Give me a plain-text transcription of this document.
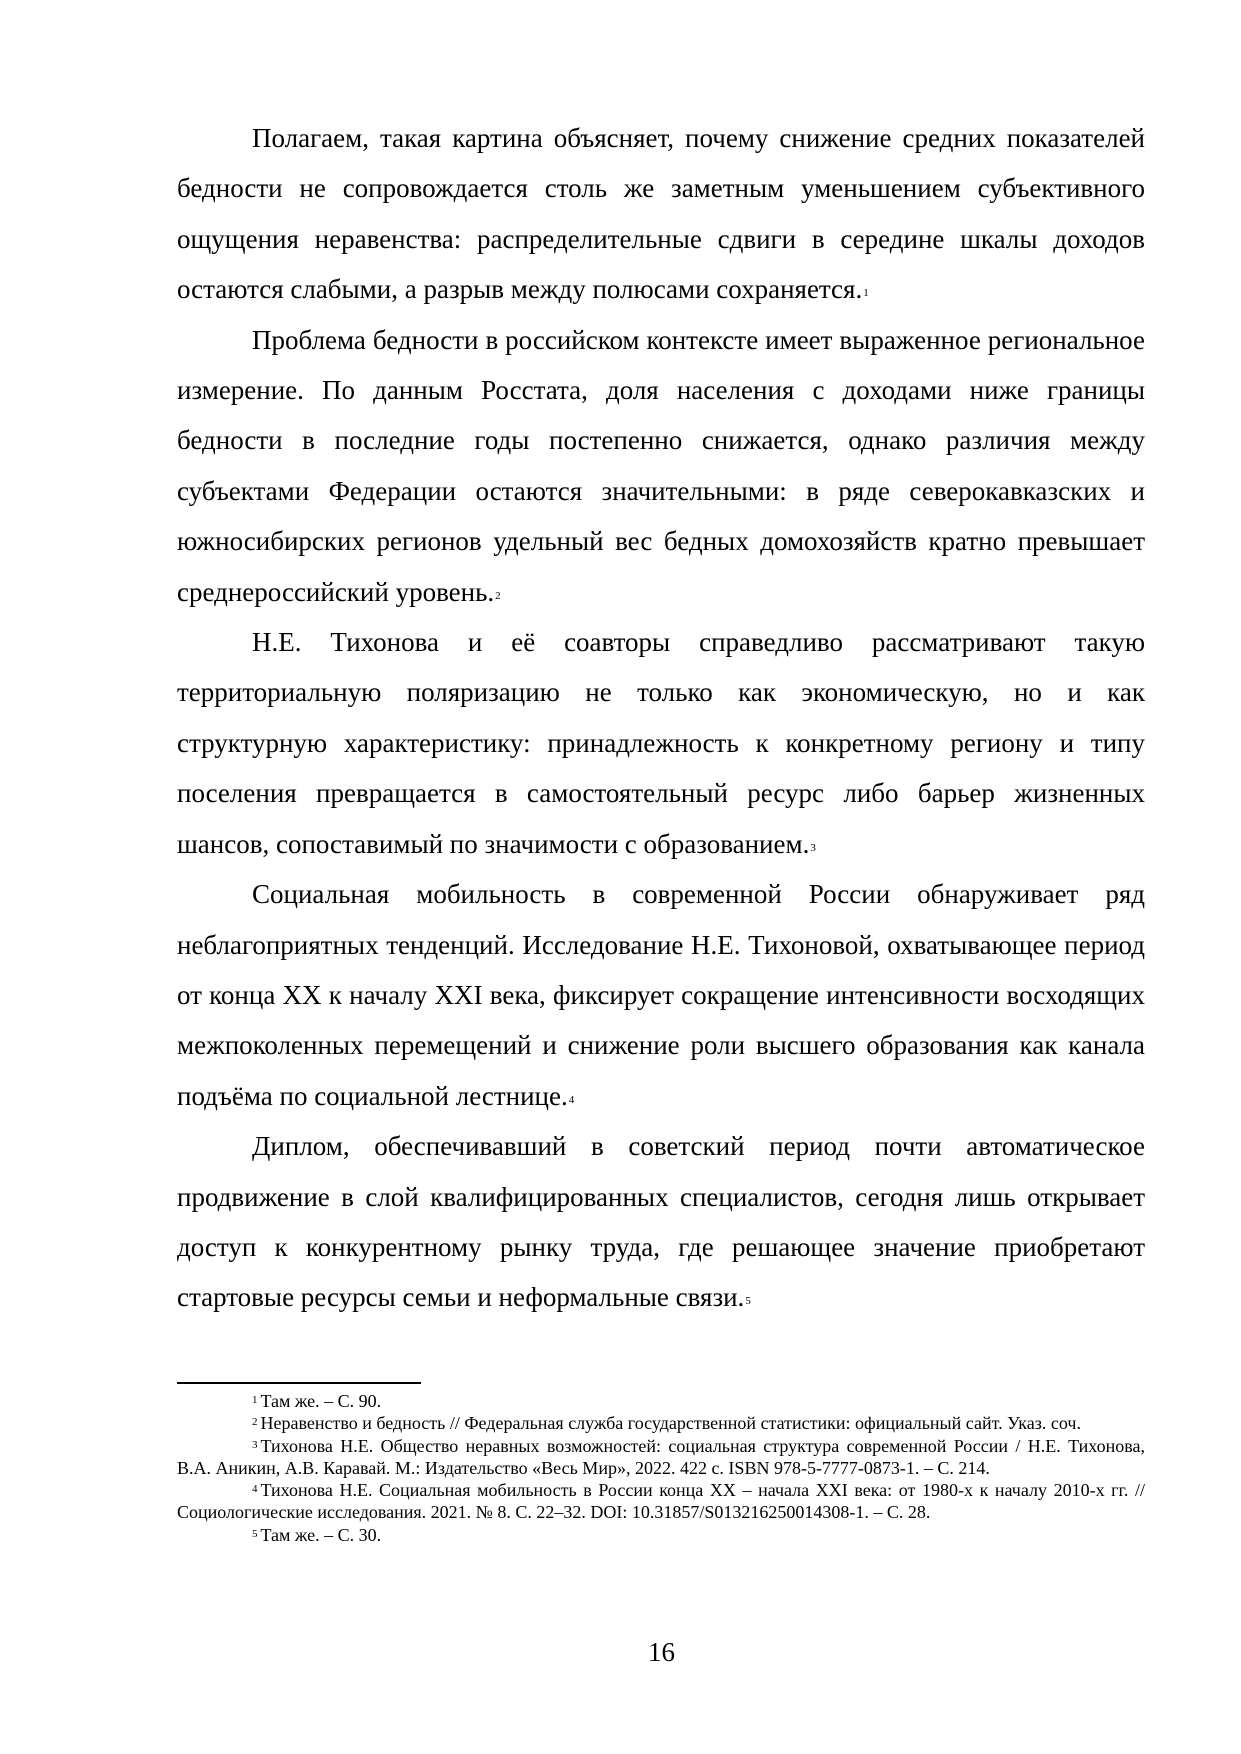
Полагаем, такая картина объясняет, почему снижение средних показателей бедности не сопровождается столь же заметным уменьшением субъективного ощущения неравенства: распределительные сдвиги в середине шкалы доходов остаются слабыми, а разрыв между полюсами сохраняется.$^1$

Проблема бедности в российском контексте имеет выраженное региональное измерение. По данным Росстата, доля населения с доходами ниже границы бедности в последние годы постепенно снижается, однако различия между субъектами Федерации остаются значительными: в ряде северокавказских и южносибирских регионов удельный вес бедных домохозяйств кратно превышает среднероссийский уровень.$^2$

Н.Е. Тихонова и её соавторы справедливо рассматривают такую территориальную поляризацию не только как экономическую, но и как структурную характеристику: принадлежность к конкретному региону и типу поселения превращается в самостоятельный ресурс либо барьер жизненных шансов, сопоставимый по значимости с образованием.$^3$

Социальная мобильность в современной России обнаруживает ряд неблагоприятных тенденций. Исследование Н.Е. Тихоновой, охватывающее период от конца XX к началу XXI века, фиксирует сокращение интенсивности восходящих межпоколенных перемещений и снижение роли высшего образования как канала подъёма по социальной лестнице.$^4$

Диплом, обеспечивавший в советский период почти автоматическое продвижение в слой квалифицированных специалистов, сегодня лишь открывает доступ к конкурентному рынку труда, где решающее значение приобретают стартовые ресурсы семьи и неформальные связи.$^5$

$^1$ Там же. – С. 90.

$^2$ Неравенство и бедность // Федеральная служба государственной статистики: официальный сайт. Указ. соч.

$^3$ Тихонова Н.Е. Общество неравных возможностей: социальная структура современной России / Н.Е. Тихонова, В.А. Аникин, А.В. Каравай. М.: Издательство «Весь Мир», 2022. 422 с. ISBN 978-5-7777-0873-1. – С. 214.

$^4$ Тихонова Н.Е. Социальная мобильность в России конца XX – начала XXI века: от 1980-х к началу 2010-х гг. // Социологические исследования. 2021. № 8. С. 22–32. DOI: 10.31857/S013216250014308-1. – С. 28.

$^5$ Там же. – С. 30.

16
